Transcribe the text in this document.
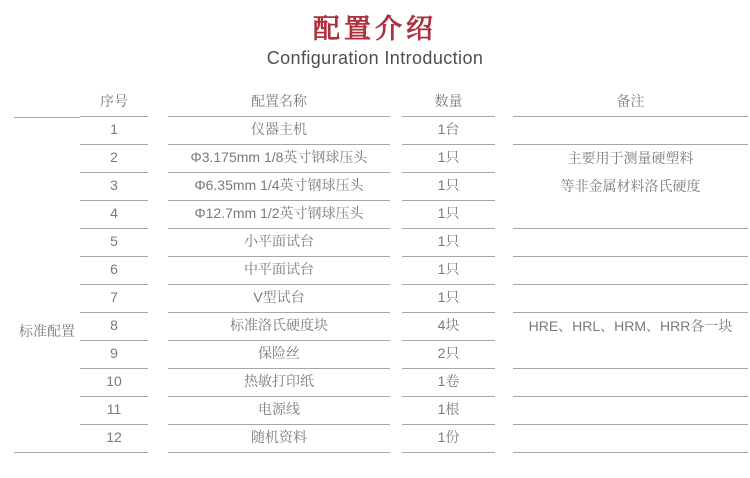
配置介绍
Configuration Introduction
标准配置
序号	配置名称	数量	备注
1	仪器主机	1台
2	Φ3.175mm 1/8英寸钢球压头	1只	主要用于测量硬塑料
3	Φ6.35mm 1/4英寸钢球压头	1只	等非金属材料洛氏硬度
4	Φ12.7mm 1/2英寸钢球压头	1只
5	小平面试台	1只
6	中平面试台	1只
7	V型试台	1只
8	标准洛氏硬度块	4块	HRE、HRL、HRM、HRR各一块
9	保险丝	2只
10	热敏打印纸	1卷
11	电源线	1根
12	随机资料	1份
